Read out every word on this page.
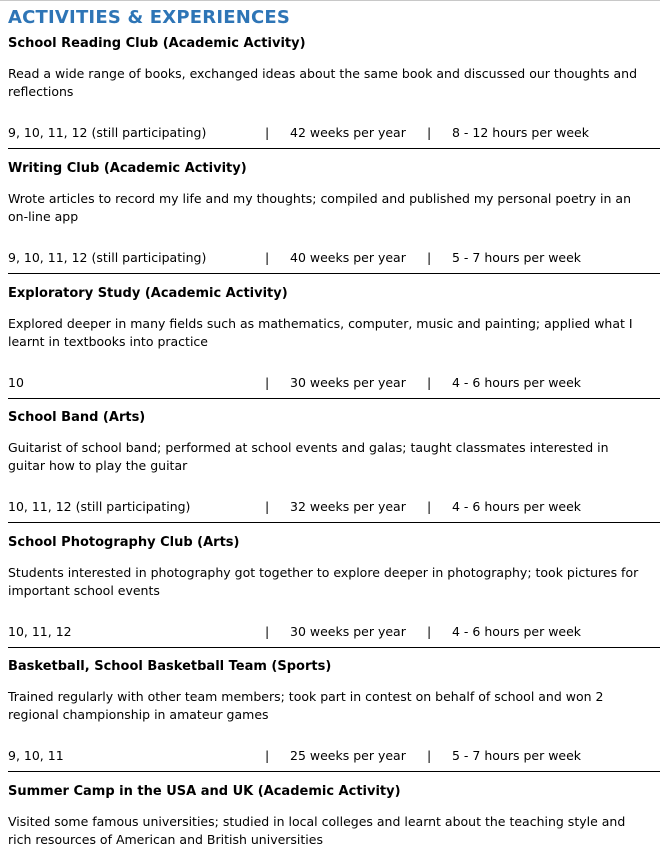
ACTIVITIES & EXPERIENCES

School Reading Club (Academic Activity)

Read a wide range of books, exchanged ideas about the same book and discussed our thoughts and reflections

9, 10, 11, 12 (still participating)	| 42 weeks per year | 8 - 12 hours per week

Writing Club (Academic Activity)

Wrote articles to record my life and my thoughts; compiled and published my personal poetry in an on-line app

9, 10, 11, 12 (still participating)	| 40 weeks per year | 5 - 7 hours per week

Exploratory Study (Academic Activity)

Explored deeper in many fields such as mathematics, computer, music and painting; applied what I learnt in textbooks into practice

10	| 30 weeks per year | 4 - 6 hours per week

School Band (Arts)

Guitarist of school band; performed at school events and galas; taught classmates interested in guitar how to play the guitar

10, 11, 12 (still participating)	| 32 weeks per year | 4 - 6 hours per week

School Photography Club (Arts)

Students interested in photography got together to explore deeper in photography; took pictures for important school events

10, 11, 12	| 30 weeks per year | 4 - 6 hours per week

Basketball, School Basketball Team (Sports)

Trained regularly with other team members; took part in contest on behalf of school and won 2 regional championship in amateur games

9, 10, 11	| 25 weeks per year | 5 - 7 hours per week

Summer Camp in the USA and UK (Academic Activity)

Visited some famous universities; studied in local colleges and learnt about the teaching style and rich resources of American and British universities
